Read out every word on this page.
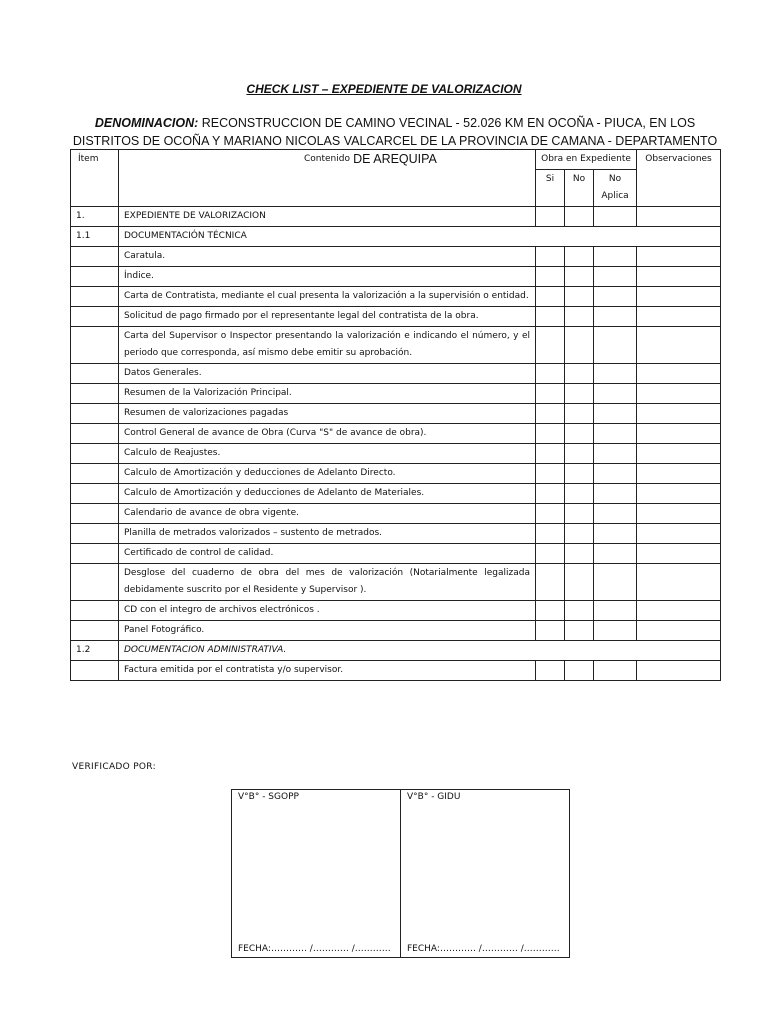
CHECK LIST – EXPEDIENTE DE VALORIZACION
DENOMINACION: RECONSTRUCCION DE CAMINO VECINAL - 52.026 KM EN OCOÑA - PIUCA, EN LOS DISTRITOS DE OCOÑA Y MARIANO NICOLAS VALCARCEL DE LA PROVINCIA DE CAMANA - DEPARTAMENTO DE AREQUIPA
Ítem	Contenido	Obra en Expediente			Observaciones
		Si	No	No Aplica	
1.	EXPEDIENTE DE VALORIZACION				
1.1	DOCUMENTACIÓN TÉCNICA				
	Caratula.				
	Índice.				
	Carta de Contratista, mediante el cual presenta la valorización a la supervisión o entidad.				
	Solicitud de pago firmado por el representante legal del contratista de la obra.				
	Carta del Supervisor o Inspector presentando la valorización e indicando el número, y el periodo que corresponda, así mismo debe emitir su aprobación.				
	Datos Generales.				
	Resumen de la Valorización Principal.				
	Resumen de valorizaciones pagadas				
	Control General de avance de Obra (Curva "S" de avance de obra).				
	Calculo de Reajustes.				
	Calculo de Amortización y deducciones de Adelanto Directo.				
	Calculo de Amortización y deducciones de Adelanto de Materiales.				
	Calendario de avance de obra vigente.				
	Planilla de metrados valorizados – sustento de metrados.				
	Certificado de control de calidad.				
	Desglose del cuaderno de obra del mes de valorización (Notarialmente legalizada debidamente suscrito por el Residente y Supervisor ).				
	CD con el integro de archivos electrónicos .				
	Panel Fotográfico.				
1.2	DOCUMENTACION ADMINISTRATIVA.				
	Factura emitida por el contratista y/o supervisor.				
VERIFICADO POR:
V°B° - SGOPP
FECHA:………… /………… /…………

V°B° - GIDU
FECHA:………… /………… /…………
